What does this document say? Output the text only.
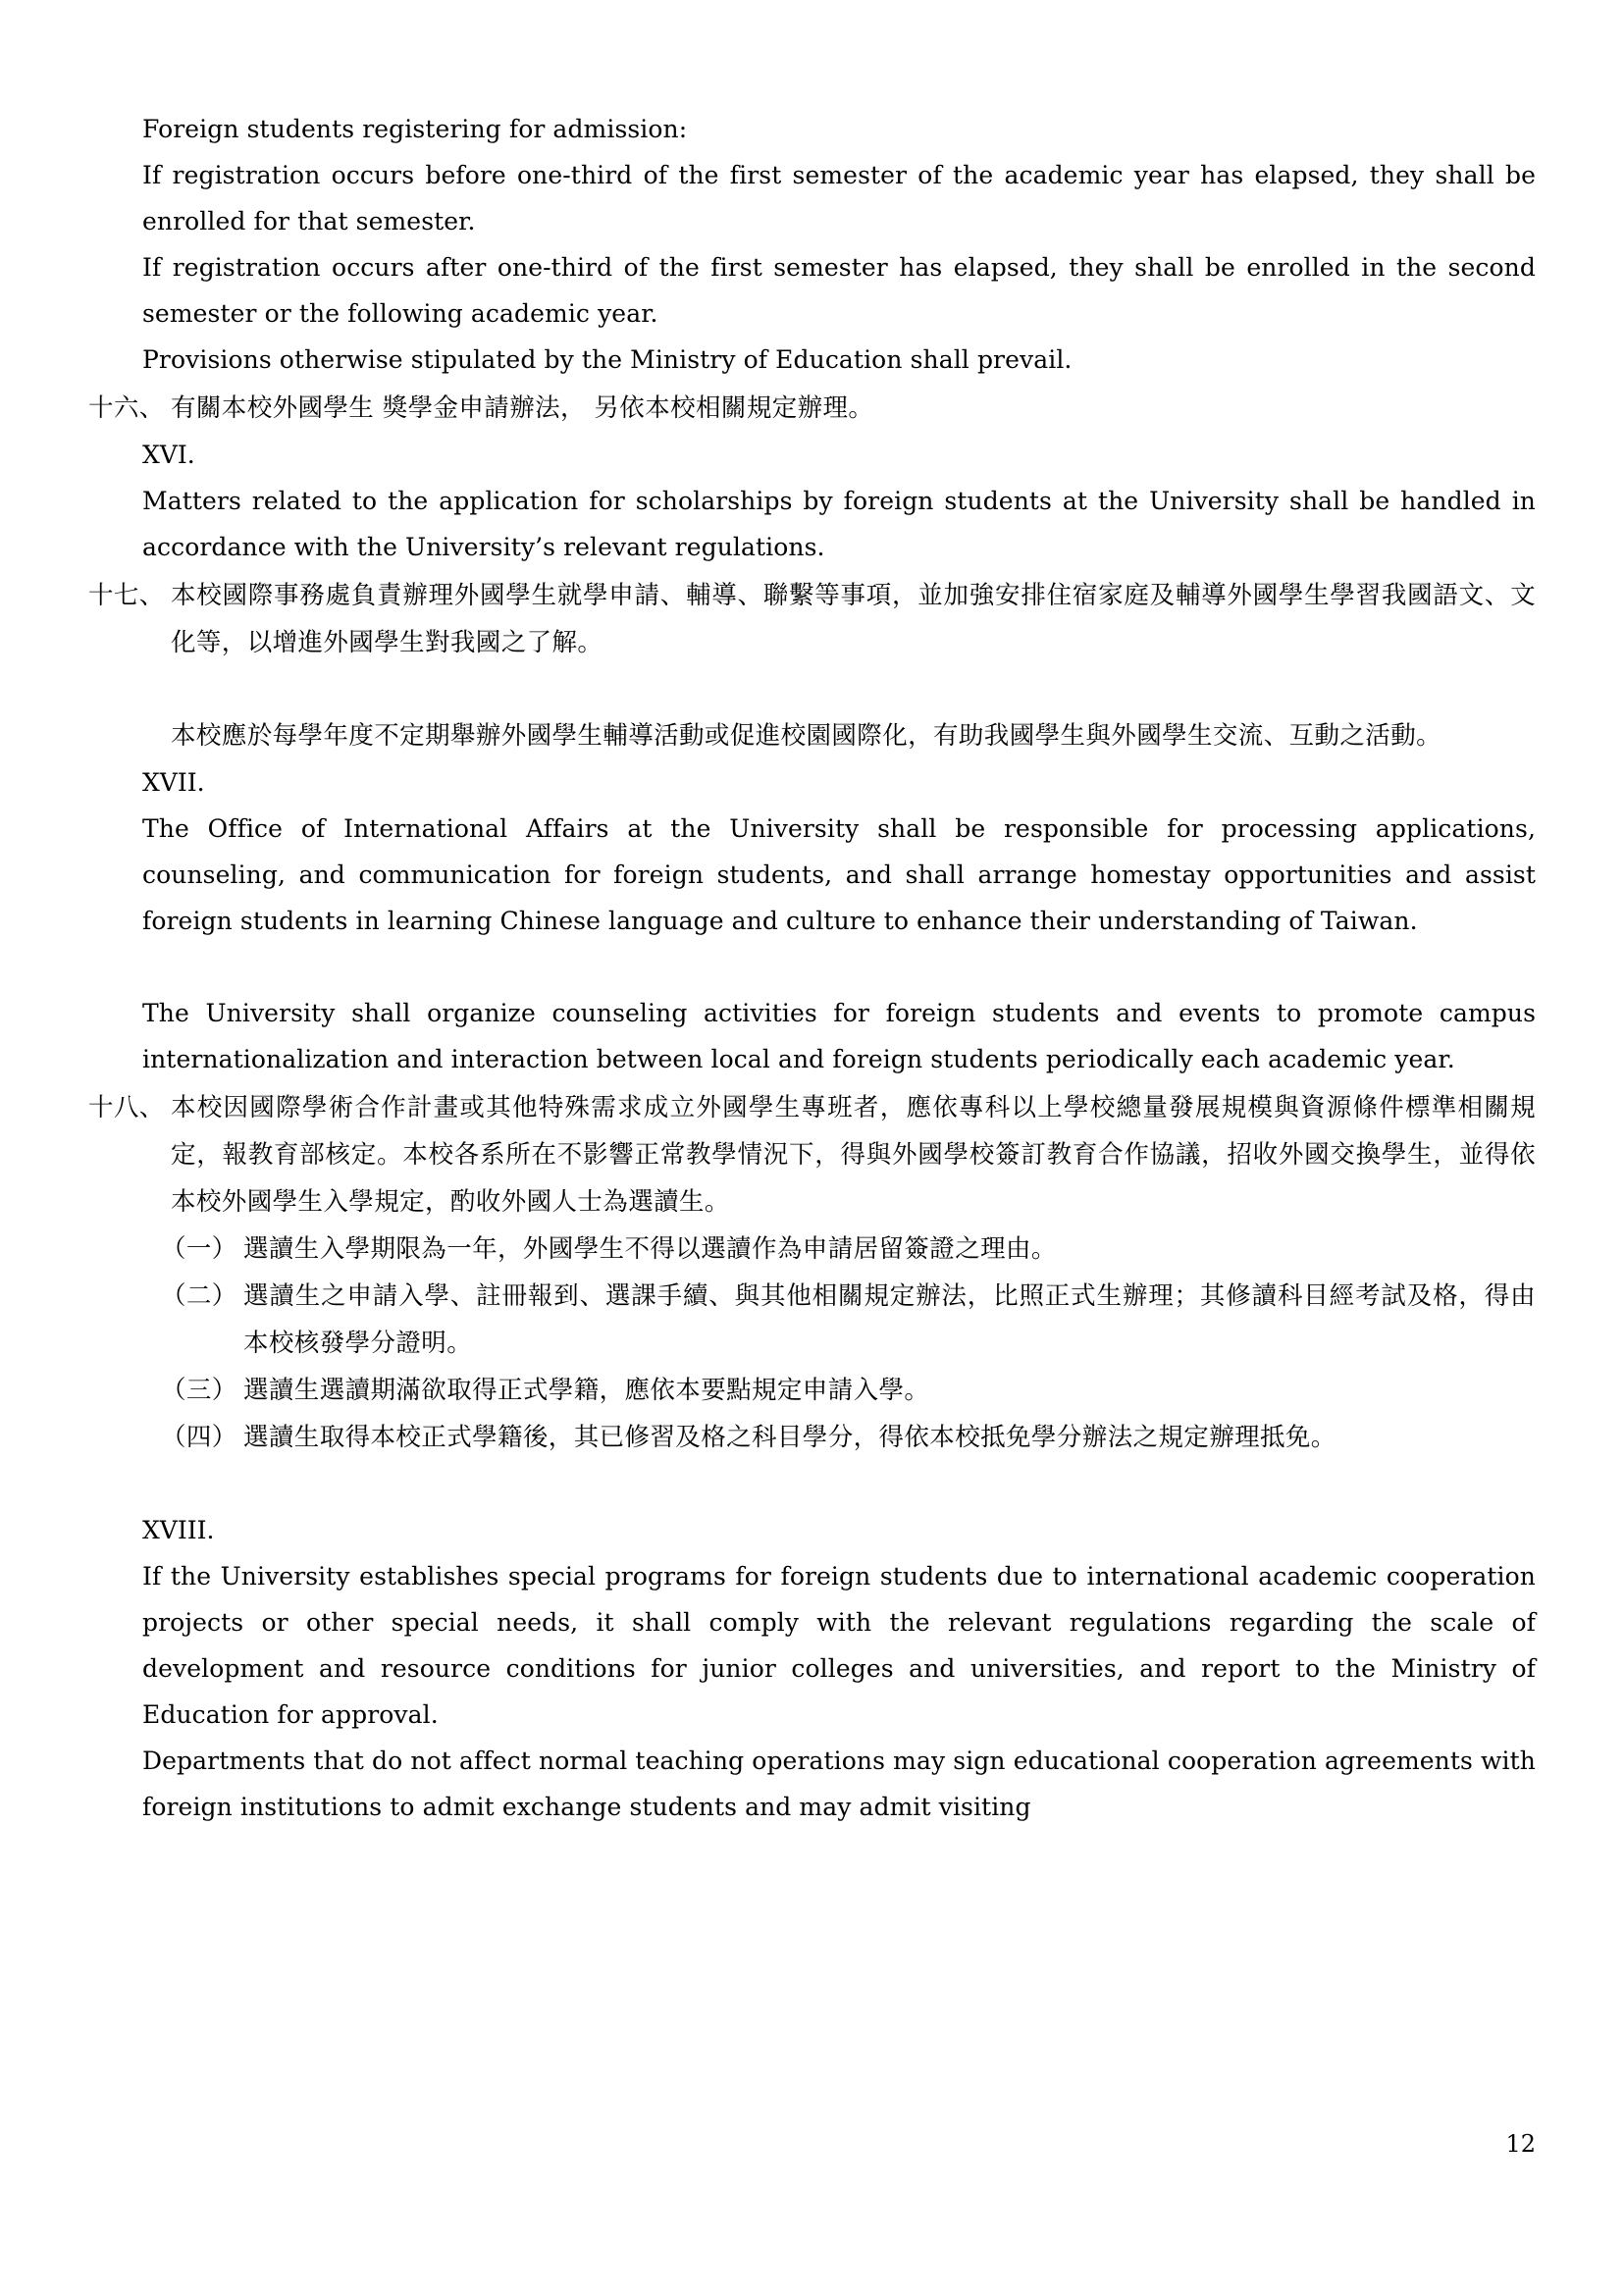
Foreign students registering for admission:

If registration occurs before one-third of the first semester of the academic year has elapsed, they shall be enrolled for that semester.

If registration occurs after one-third of the first semester has elapsed, they shall be enrolled in the second semester or the following academic year.

Provisions otherwise stipulated by the Ministry of Education shall prevail.

十六、 有關本校外國學生 獎學金申請辦法， 另依本校相關規定辦理。

XVI.

Matters related to the application for scholarships by foreign students at the University shall be handled in accordance with the University’s relevant regulations.

十七、 本校國際事務處負責辦理外國學生就學申請、輔導、聯繫等事項，並加強安排住宿家庭及輔導外國學生學習我國語文、文化等，以增進外國學生對我國之了解。

本校應於每學年度不定期舉辦外國學生輔導活動或促進校園國際化，有助我國學生與外國學生交流、互動之活動。

XVII.

The Office of International Affairs at the University shall be responsible for processing applications, counseling, and communication for foreign students, and shall arrange homestay opportunities and assist foreign students in learning Chinese language and culture to enhance their understanding of Taiwan.

The University shall organize counseling activities for foreign students and events to promote campus internationalization and interaction between local and foreign students periodically each academic year.

十八、 本校因國際學術合作計畫或其他特殊需求成立外國學生專班者，應依專科以上學校總量發展規模與資源條件標準相關規定，報教育部核定。本校各系所在不影響正常教學情況下，得與外國學校簽訂教育合作協議，招收外國交換學生，並得依本校外國學生入學規定，酌收外國人士為選讀生。

（一） 選讀生入學期限為一年，外國學生不得以選讀作為申請居留簽證之理由。

（二） 選讀生之申請入學、註冊報到、選課手續、與其他相關規定辦法，比照正式生辦理；其修讀科目經考試及格，得由本校核發學分證明。

（三） 選讀生選讀期滿欲取得正式學籍，應依本要點規定申請入學。

（四） 選讀生取得本校正式學籍後，其已修習及格之科目學分，得依本校抵免學分辦法之規定辦理抵免。

XVIII.

If the University establishes special programs for foreign students due to international academic cooperation projects or other special needs, it shall comply with the relevant regulations regarding the scale of development and resource conditions for junior colleges and universities, and report to the Ministry of Education for approval.

Departments that do not affect normal teaching operations may sign educational cooperation agreements with foreign institutions to admit exchange students and may admit visiting

12
